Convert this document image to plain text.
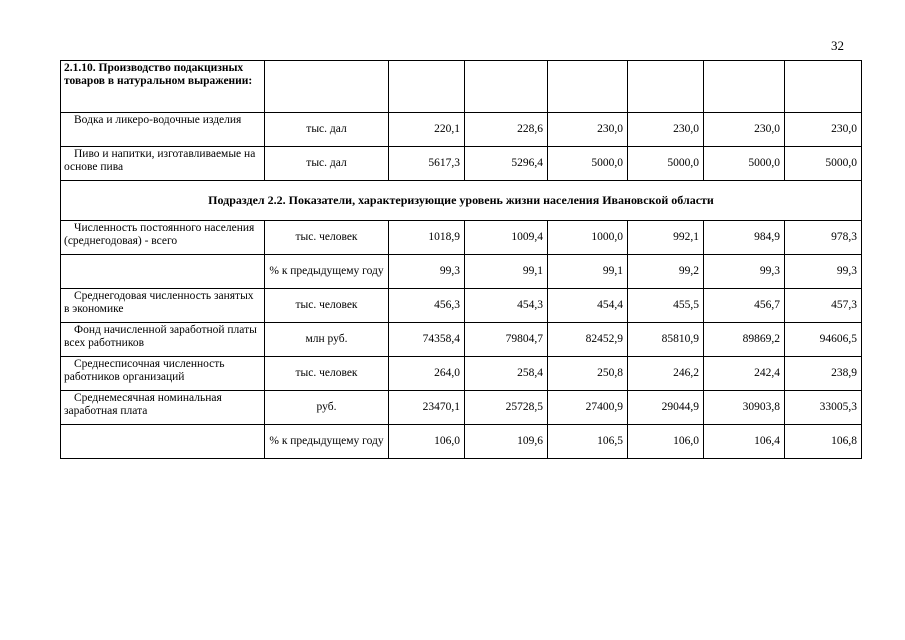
32
2.1.10. Производство подакцизных товаров в натуральном выражении:							

Водка и ликеро-водочные изделия	тыс. дал	220,1	228,6	230,0	230,0	230,0	230,0

Пиво и напитки, изготавливаемые на основе пива	тыс. дал	5617,3	5296,4	5000,0	5000,0	5000,0	5000,0
Подраздел 2.2. Показатели, характеризующие уровень жизни населения Ивановской области							

Численность постоянного населения (среднегодовая) - всего	тыс. человек	1018,9	1009,4	1000,0	992,1	984,9	978,3

	% к предыдущему году	99,3	99,1	99,1	99,2	99,3	99,3

Среднегодовая численность занятых в экономике	тыс. человек	456,3	454,3	454,4	455,5	456,7	457,3

Фонд начисленной заработной платы всех работников	млн руб.	74358,4	79804,7	82452,9	85810,9	89869,2	94606,5

Среднесписочная численность работников организаций	тыс. человек	264,0	258,4	250,8	246,2	242,4	238,9

Среднемесячная номинальная заработная плата	руб.	23470,1	25728,5	27400,9	29044,9	30903,8	33005,3

	% к предыдущему году	106,0	109,6	106,5	106,0	106,4	106,8
